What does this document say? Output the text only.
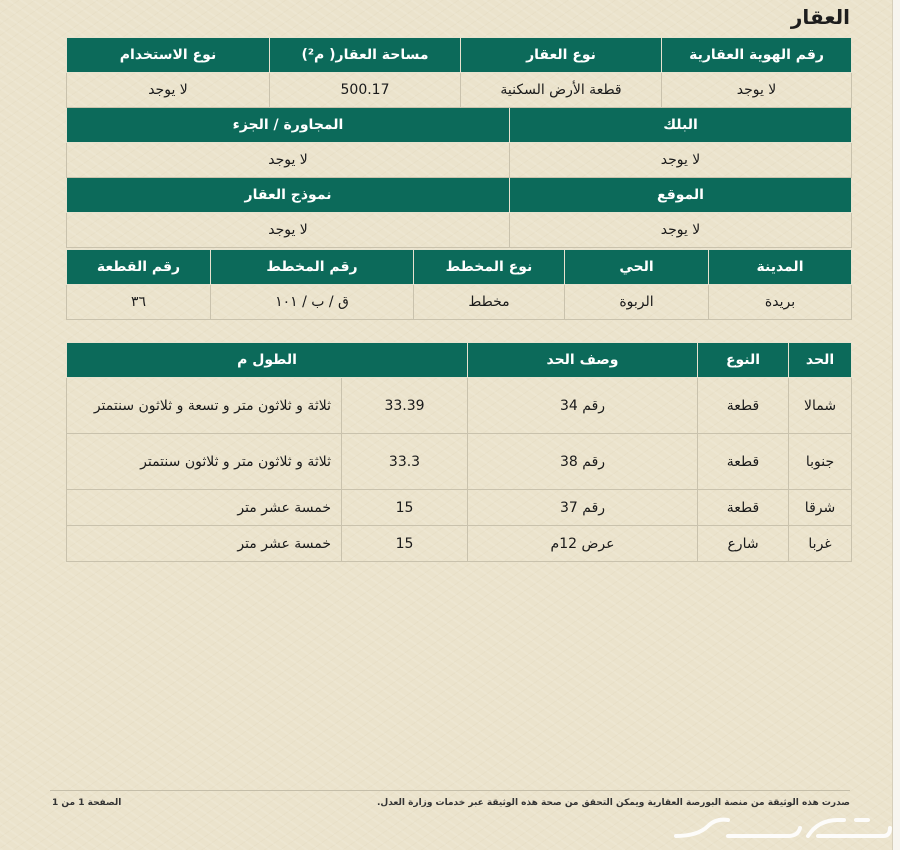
العقار
رقم الهوية العقارية	نوع العقار		مساحة العقار( م²)	نوع الاستخدام
لا يوجد	قطعة الأرض السكنية		500.17	لا يوجد
البلك		المجاورة / الجزء		
لا يوجد		لا يوجد		
الموقع		نموذج العقار		
لا يوجد		لا يوجد		
المدينة	الحي	نوع المخطط	رقم المخطط	رقم القطعة
بريدة	الربوة	مخطط	ق / ب / ١٠١	٣٦
الحد	النوع	وصف الحد	الطول م	
شمالا	قطعة	رقم 34	33.39	ثلاثة و ثلاثون متر و تسعة و ثلاثون سنتمتر
جنوبا	قطعة	رقم 38	33.3	ثلاثة و ثلاثون متر و ثلاثون سنتمتر
شرقا	قطعة	رقم 37	15	خمسة عشر متر
غربا	شارع	عرض 12م	15	خمسة عشر متر
صدرت هذه الوثيقة من منصة البورصة العقارية ويمكن التحقق من صحة هذه الوثيقة عبر خدمات وزارة العدل.
الصفحة 1 من 1
